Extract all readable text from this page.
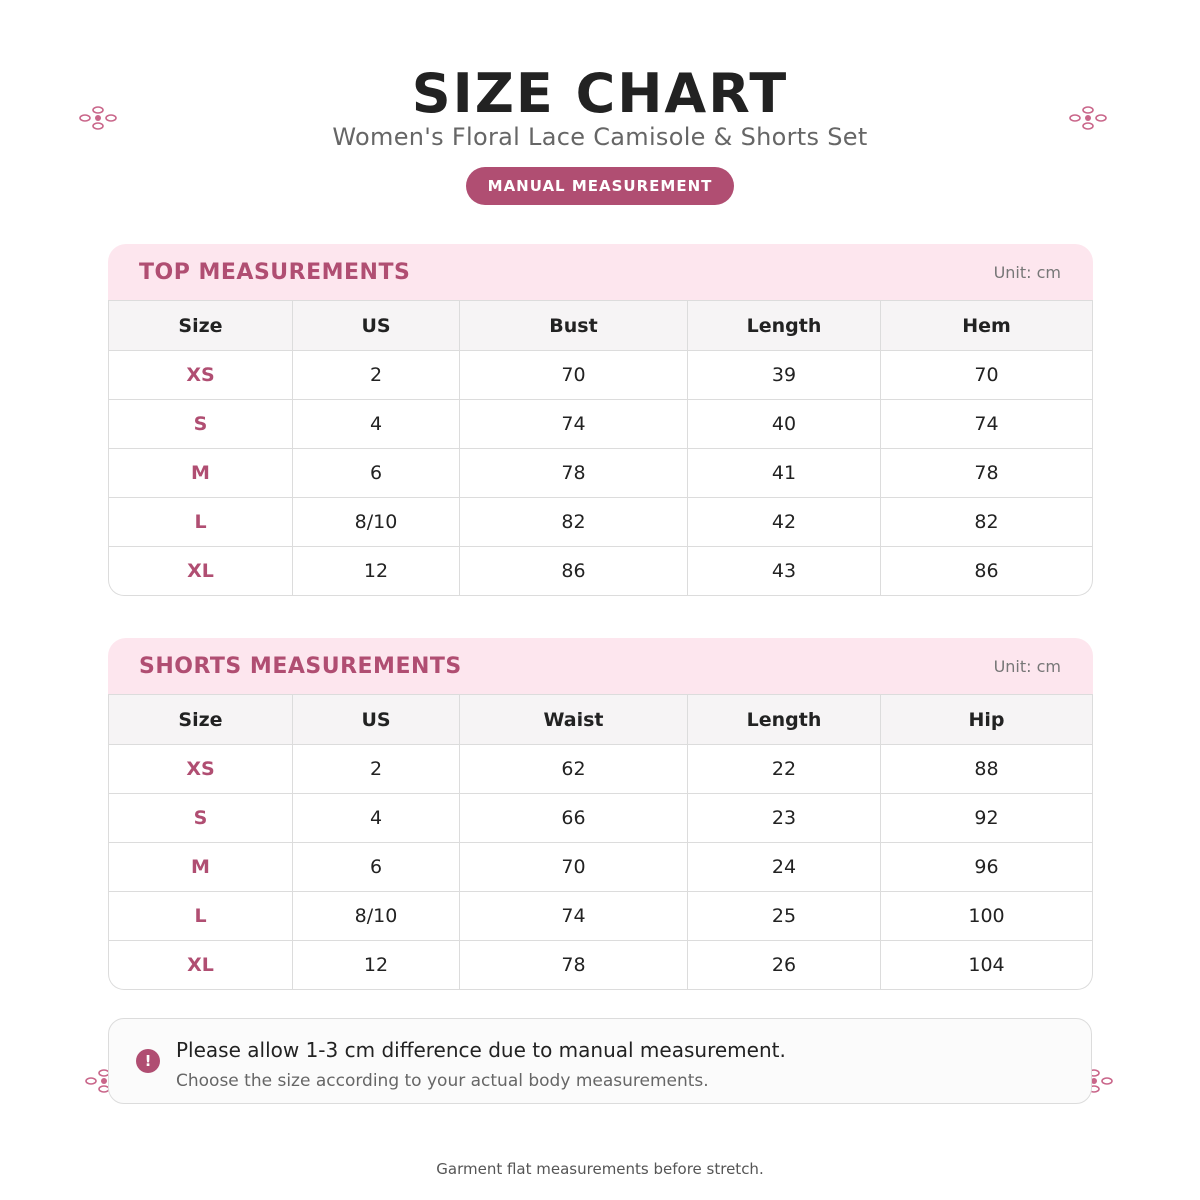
SIZE CHART
Women's Floral Lace Camisole & Shorts Set
MANUAL MEASUREMENT
TOP MEASUREMENTS	Unit: cm
Size	US	Bust	Length	Hem
XS	2	70	39	70
S	4	74	40	74
M	6	78	41	78
L	8/10	82	42	82
XL	12	86	43	86
SHORTS MEASUREMENTS	Unit: cm
Size	US	Waist	Length	Hip
XS	2	62	22	88
S	4	66	23	92
M	6	70	24	96
L	8/10	74	25	100
XL	12	78	26	104
!	Please allow 1-3 cm difference due to manual measurement.
Choose the size according to your actual body measurements.
Garment flat measurements before stretch.
